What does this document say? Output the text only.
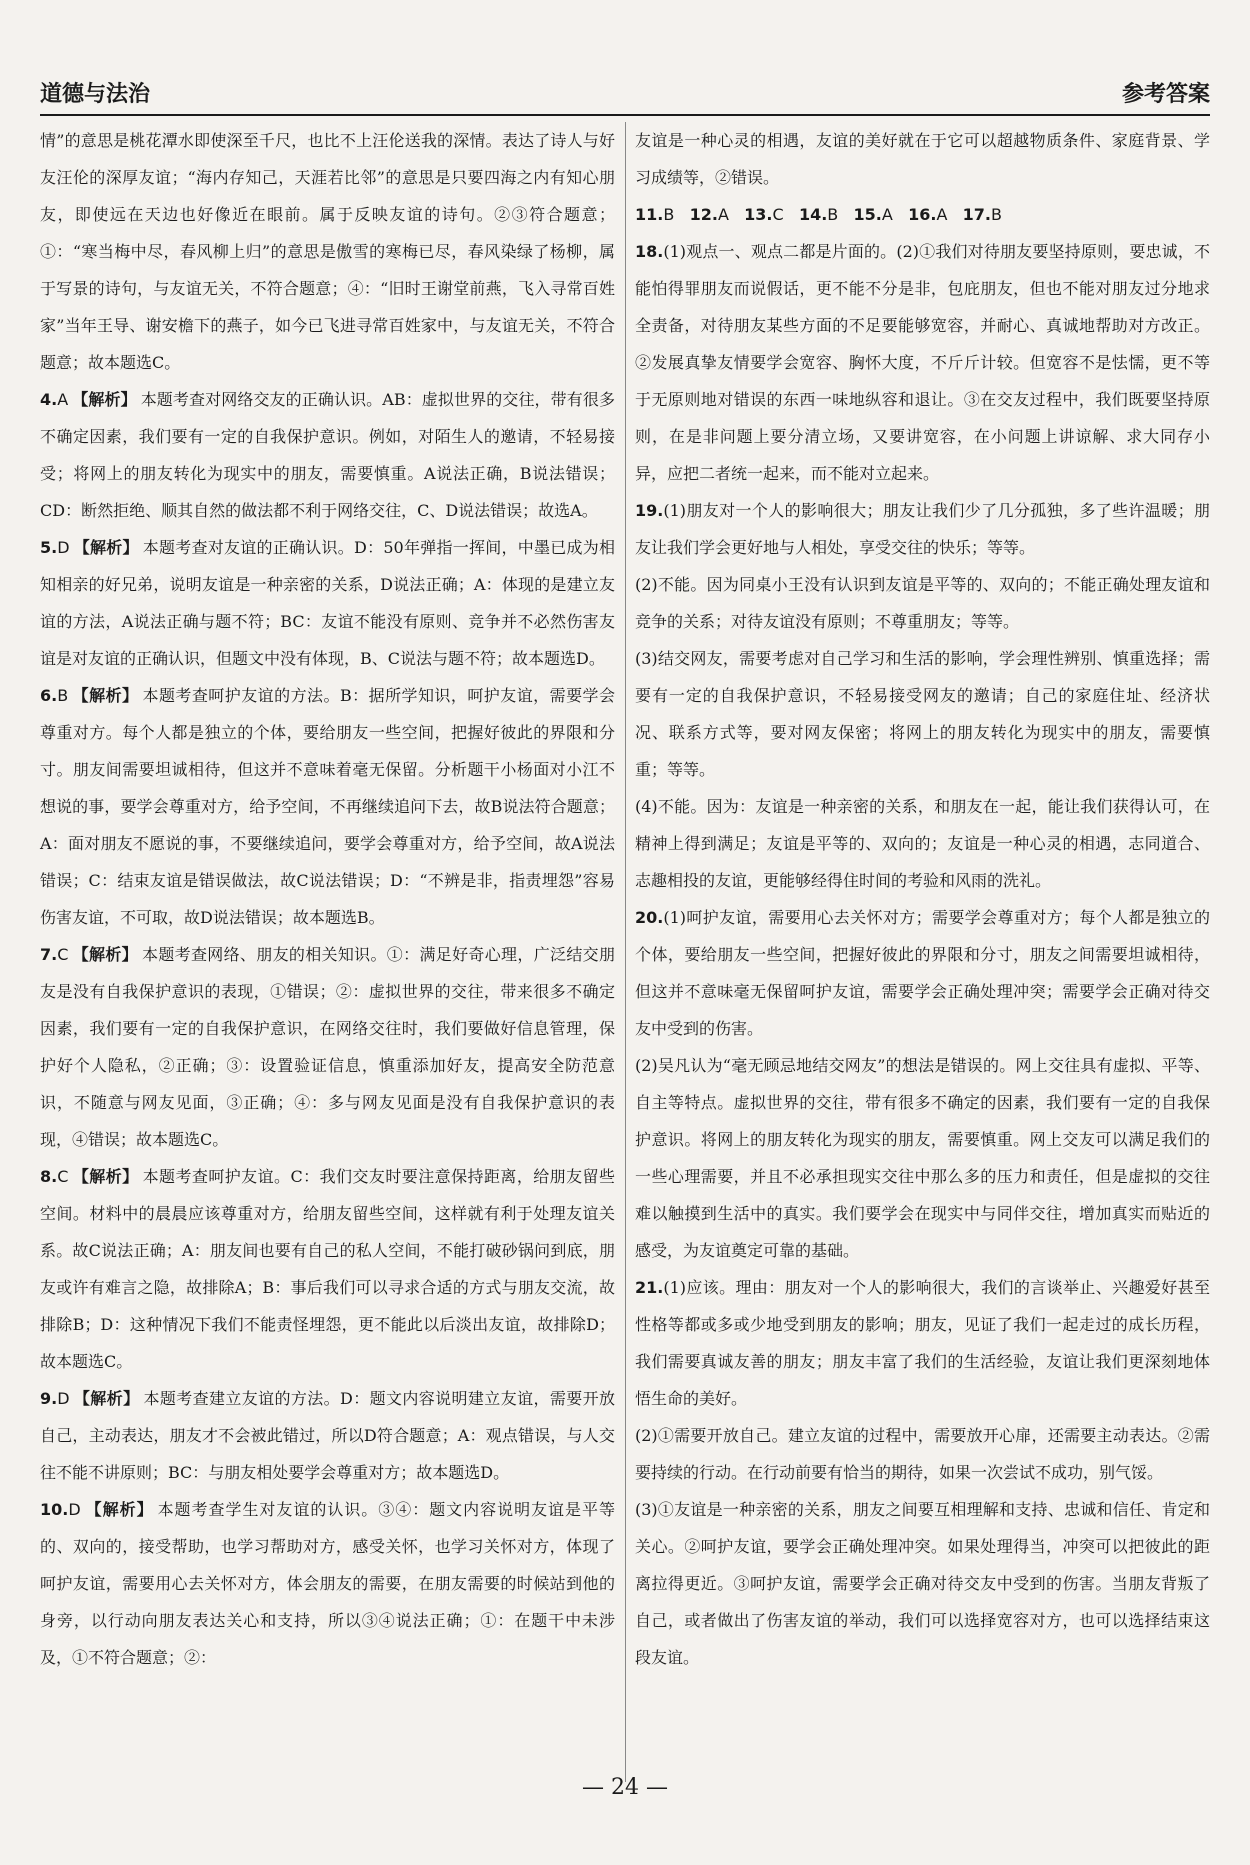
道德与法治	参考答案

情”的意思是桃花潭水即使深至千尺，也比不上汪伦送我的深情。表达了诗人与好友汪伦的深厚友谊；“海内存知己，天涯若比邻”的意思是只要四海之内有知心朋友，即使远在天边也好像近在眼前。属于反映友谊的诗句。②③符合题意；①：“寒当梅中尽，春风柳上归”的意思是傲雪的寒梅已尽，春风染绿了杨柳，属于写景的诗句，与友谊无关，不符合题意；④：“旧时王谢堂前燕，飞入寻常百姓家”当年王导、谢安檐下的燕子，如今已飞进寻常百姓家中，与友谊无关，不符合题意；故本题选C。

4.A 【解析】 本题考查对网络交友的正确认识。AB：虚拟世界的交往，带有很多不确定因素，我们要有一定的自我保护意识。例如，对陌生人的邀请，不轻易接受；将网上的朋友转化为现实中的朋友，需要慎重。A说法正确，B说法错误；CD：断然拒绝、顺其自然的做法都不利于网络交往，C、D说法错误；故选A。

5.D 【解析】 本题考查对友谊的正确认识。D：50年弹指一挥间，中墨已成为相知相亲的好兄弟，说明友谊是一种亲密的关系，D说法正确；A：体现的是建立友谊的方法，A说法正确与题不符；BC：友谊不能没有原则、竞争并不必然伤害友谊是对友谊的正确认识，但题文中没有体现，B、C说法与题不符；故本题选D。

6.B 【解析】 本题考查呵护友谊的方法。B：据所学知识，呵护友谊，需要学会尊重对方。每个人都是独立的个体，要给朋友一些空间，把握好彼此的界限和分寸。朋友间需要坦诚相待，但这并不意味着毫无保留。分析题干小杨面对小江不想说的事，要学会尊重对方，给予空间，不再继续追问下去，故B说法符合题意；A：面对朋友不愿说的事，不要继续追问，要学会尊重对方，给予空间，故A说法错误；C：结束友谊是错误做法，故C说法错误；D：“不辨是非，指责埋怨”容易伤害友谊，不可取，故D说法错误；故本题选B。

7.C 【解析】 本题考查网络、朋友的相关知识。①：满足好奇心理，广泛结交朋友是没有自我保护意识的表现，①错误；②：虚拟世界的交往，带来很多不确定因素，我们要有一定的自我保护意识，在网络交往时，我们要做好信息管理，保护好个人隐私，②正确；③：设置验证信息，慎重添加好友，提高安全防范意识，不随意与网友见面，③正确；④：多与网友见面是没有自我保护意识的表现，④错误；故本题选C。

8.C 【解析】 本题考查呵护友谊。C：我们交友时要注意保持距离，给朋友留些空间。材料中的晨晨应该尊重对方，给朋友留些空间，这样就有利于处理友谊关系。故C说法正确；A：朋友间也要有自己的私人空间，不能打破砂锅问到底，朋友或许有难言之隐，故排除A；B：事后我们可以寻求合适的方式与朋友交流，故排除B；D：这种情况下我们不能责怪埋怨，更不能此以后淡出友谊，故排除D；故本题选C。

9.D 【解析】 本题考查建立友谊的方法。D：题文内容说明建立友谊，需要开放自己，主动表达，朋友才不会被此错过，所以D符合题意；A：观点错误，与人交往不能不讲原则；BC：与朋友相处要学会尊重对方；故本题选D。

10.D 【解析】 本题考查学生对友谊的认识。③④：题文内容说明友谊是平等的、双向的，接受帮助，也学习帮助对方，感受关怀，也学习关怀对方，体现了呵护友谊，需要用心去关怀对方，体会朋友的需要，在朋友需要的时候站到他的身旁，以行动向朋友表达关心和支持，所以③④说法正确；①：在题干中未涉及，①不符合题意；②：

友谊是一种心灵的相遇，友谊的美好就在于它可以超越物质条件、家庭背景、学习成绩等，②错误。

11.B 12.A 13.C 14.B 15.A 16.A 17.B

18.(1)观点一、观点二都是片面的。(2)①我们对待朋友要坚持原则，要忠诚，不能怕得罪朋友而说假话，更不能不分是非，包庇朋友，但也不能对朋友过分地求全责备，对待朋友某些方面的不足要能够宽容，并耐心、真诚地帮助对方改正。②发展真挚友情要学会宽容、胸怀大度，不斤斤计较。但宽容不是怯懦，更不等于无原则地对错误的东西一味地纵容和退让。③在交友过程中，我们既要坚持原则，在是非问题上要分清立场，又要讲宽容，在小问题上讲谅解、求大同存小异，应把二者统一起来，而不能对立起来。

19.(1)朋友对一个人的影响很大；朋友让我们少了几分孤独，多了些许温暖；朋友让我们学会更好地与人相处，享受交往的快乐；等等。

(2)不能。因为同桌小王没有认识到友谊是平等的、双向的；不能正确处理友谊和竞争的关系；对待友谊没有原则；不尊重朋友；等等。

(3)结交网友，需要考虑对自己学习和生活的影响，学会理性辨别、慎重选择；需要有一定的自我保护意识，不轻易接受网友的邀请；自己的家庭住址、经济状况、联系方式等，要对网友保密；将网上的朋友转化为现实中的朋友，需要慎重；等等。

(4)不能。因为：友谊是一种亲密的关系，和朋友在一起，能让我们获得认可，在精神上得到满足；友谊是平等的、双向的；友谊是一种心灵的相遇，志同道合、志趣相投的友谊，更能够经得住时间的考验和风雨的洗礼。

20.(1)呵护友谊，需要用心去关怀对方；需要学会尊重对方；每个人都是独立的个体，要给朋友一些空间，把握好彼此的界限和分寸，朋友之间需要坦诚相待，但这并不意味毫无保留呵护友谊，需要学会正确处理冲突；需要学会正确对待交友中受到的伤害。

(2)吴凡认为“毫无顾忌地结交网友”的想法是错误的。网上交往具有虚拟、平等、自主等特点。虚拟世界的交往，带有很多不确定的因素，我们要有一定的自我保护意识。将网上的朋友转化为现实的朋友，需要慎重。网上交友可以满足我们的一些心理需要，并且不必承担现实交往中那么多的压力和责任，但是虚拟的交往难以触摸到生活中的真实。我们要学会在现实中与同伴交往，增加真实而贴近的感受，为友谊奠定可靠的基础。

21.(1)应该。理由：朋友对一个人的影响很大，我们的言谈举止、兴趣爱好甚至性格等都或多或少地受到朋友的影响；朋友，见证了我们一起走过的成长历程，我们需要真诚友善的朋友；朋友丰富了我们的生活经验，友谊让我们更深刻地体悟生命的美好。

(2)①需要开放自己。建立友谊的过程中，需要放开心扉，还需要主动表达。②需要持续的行动。在行动前要有恰当的期待，如果一次尝试不成功，别气馁。

(3)①友谊是一种亲密的关系，朋友之间要互相理解和支持、忠诚和信任、肯定和关心。②呵护友谊，要学会正确处理冲突。如果处理得当，冲突可以把彼此的距离拉得更近。③呵护友谊，需要学会正确对待交友中受到的伤害。当朋友背叛了自己，或者做出了伤害友谊的举动，我们可以选择宽容对方，也可以选择结束这段友谊。

— 24 —
